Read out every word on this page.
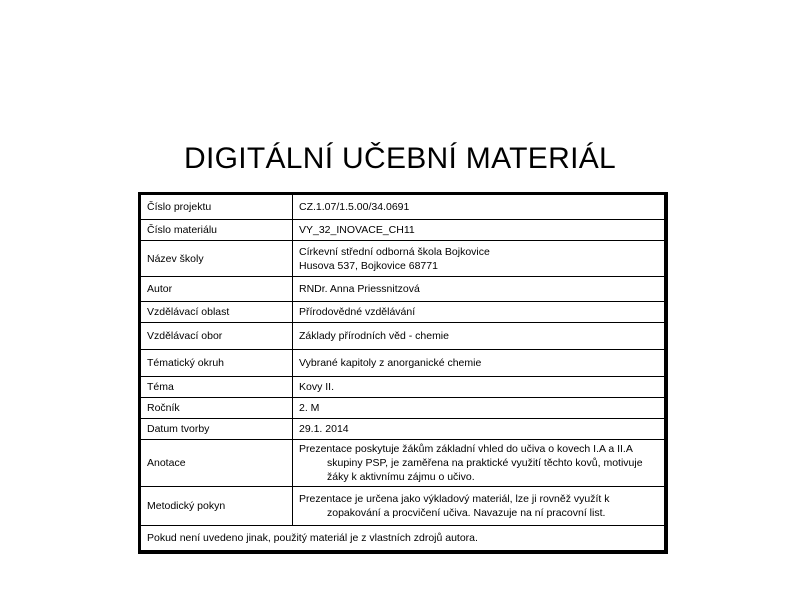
DIGITÁLNÍ UČEBNÍ MATERIÁL
Číslo projektu	CZ.1.07/1.5.00/34.0691
Číslo materiálu	VY_32_INOVACE_CH11
Název školy	Církevní střední odborná škola Bojkovice
Husova 537, Bojkovice 68771

Autor	RNDr. Anna Priessnitzová
Vzdělávací oblast	Přírodovědné vzdělávání
Vzdělávací obor	Základy přírodních věd - chemie
Tématický okruh	Vybrané kapitoly z anorganické chemie
Téma	Kovy II.
Ročník	2. M
Datum tvorby	29.1. 2014
Anotace	Prezentace poskytuje žákům základní vhled do učiva o kovech I.A a II.A skupiny PSP, je zaměřena na praktické využití těchto kovů, motivuje žáky k aktivnímu zájmu o učivo.

Metodický pokyn	Prezentace je určena jako výkladový materiál, lze ji rovněž využít k zopakování a procvičení učiva. Navazuje na ní pracovní list.

Pokud není uvedeno jinak, použitý materiál je z vlastních zdrojů autora.	
